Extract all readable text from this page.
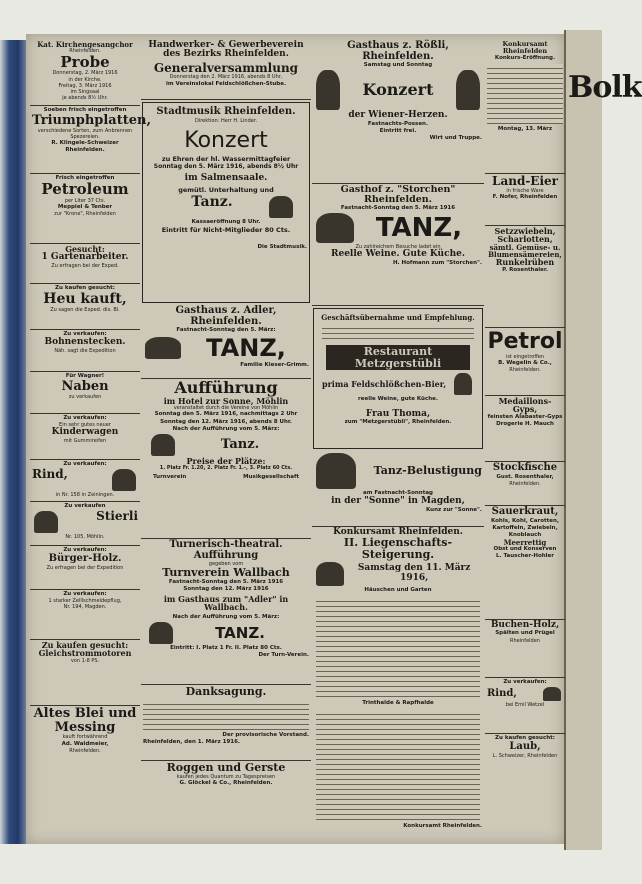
Bolk
Kat. Kirchengesangchor
Rheinfelden.
Probe
Donnerstag, 2. März 1916
in der Kirche.
Freitag, 3. März 1916
im Singsaal
je abends 8½ Uhr.
Soeben frisch eingetroffen
Triumphplatten,
verschiedene Sorten, zum Anbrennen
Spezereien.
R. Klingele-Schweizer
Rheinfelden.
Frisch eingetroffen
Petroleum
per Liter 37 Cts.
Meppiel & Tenber
zur "Krone", Rheinfelden
Gesucht:
1 Gartenarbeiter.
Zu erfragen bei der Exped.
Zu kaufen gesucht:
Heu kauft,
Zu sagen die Exped. dis. Bl.
Zu verkaufen:
Bohnenstecken.
Näh. sagt die Expedition
Für Wagner!
Naben
zu verkaufen
Zu verkaufen:
Ein sehr gutes neuer
Kinderwagen
mit Gummireifen
Zu verkaufen:
Rind,
in Nr. 158 in Zeiningen.
Zu verkaufen
Stierli
Nr. 105, Möhlin.
Zu verkaufen:
Bürger-Holz.
Zu erfragen bei der Expedition
Zu verkaufen:
1 starker Zelllschmeidepflug,
Nr. 194, Magden.
Zu kaufen gesucht:
Gleichstrommotoren
von 1-8 PS.
Altes Blei und Messing
kauft fortwährend
Ad. Waldmeier,
Rheinfelden.
Handwerker- & Gewerbeverein
des Bezirks Rheinfelden.
Generalversammlung
Donnerstag den 2. März 1916, abends 8 Uhr,
im Vereinslokal Feldschlößchen-Stube.
Stadtmusik Rheinfelden.
Direktion: Herr H. Linder.
Konzert
zu Ehren der hl. Wassermittagfeier
Sonntag den 5. März 1916, abends 8½ Uhr
im Salmensaale.
gemütl. Unterhaltung und
Tanz.
Kassaeröffnung 8 Uhr.
Eintritt für Nicht-Mitglieder 80 Cts.
Die Stadtmusik.
Gasthaus z. Adler, Rheinfelden.
Fastnacht-Sonntag den 5. März:
TANZ,
Familie Kieser-Grimm.
Aufführung
im Hotel zur Sonne, Möhlin
veranstaltet durch die Vereine von Möhlin
Sonntag den 5. März 1916, nachmittags 2 Uhr
Sonntag den 12. März 1916, abends 8 Uhr.
Nach der Aufführung vom 5. März:
Tanz.
Preise der Plätze:
1. Platz Fr. 1.20, 2. Platz Fr. 1.-, 3. Platz 60 Cts.
Turnverein	Musikgesellschaft
Turnerisch-theatral. Aufführung
gegeben vom
Turnverein Wallbach
Fastnacht-Sonntag den 5. März 1916
Sonntag den 12. März 1916
im Gasthaus zum "Adler" in Wallbach.
Nach der Aufführung vom 5. März:
TANZ.
Eintritt: I. Platz 1 Fr. II. Platz 80 Cts.
Der Turn-Verein.
Danksagung.
Der provisorische Vorstand.
Rheinfelden, den 1. März 1916.
Roggen und Gerste
kaufen jedes Quantum zu Tagespreisen
G. Glöckel & Co., Rheinfelden.
Gasthaus z. Rößli, Rheinfelden.
Samstag und Sonntag
Konzert
der Wiener-Herzen.
Fastnachts-Possen.
Eintritt frei.
Wirt und Truppe.
Gasthof z. "Storchen" Rheinfelden.
Fastnacht-Sonntag den 5. März 1916
TANZ,
Zu zahlreichem Besuche ladet ein
Reelle Weine. Gute Küche.
H. Hofmann zum "Storchen".
Geschäftsübernahme und Empfehlung.
Restaurant Metzgerstübli
prima Feldschlößchen-Bier,
reelle Weine, gute Küche.
Frau Thoma,
zum "Metzgerstübli", Rheinfelden.
Tanz-Belustigung
am Fastnacht-Sonntag
in der "Sonne" in Magden,
Kunz zur "Sonne".
Konkursamt Rheinfelden.
II. Liegenschafts-Steigerung.
Samstag den 11. März 1916,
Häuschen und Garten
Trinthalde & Rapfhalde
Konkursamt Rheinfelden.
Konkursamt Rheinfelden
Konkurs-Eröffnung.
Montag, 13. März
Land-Eier
in frische Ware
F. Nofer, Rheinfelden
Setzzwiebeln, Scharlotten,
sämtl. Gemüse- u. Blumensämereien,
Runkelrüben
P. Rosenthaler.
Petrol
ist eingetroffen
B. Wegelin & Co.,
Rheinfelden.
Medaillons-Gyps,
feinsten Alabaster-Gyps
Drogerie H. Mauch
Stockfische
Gust. Rosenthaler,
Rheinfelden.
Sauerkraut,
Kohls, Kohl, Carotten, Kartoffeln, Zwiebeln, Knoblauch
Meerrettig
Obst und Konserven
L. Tauscher-Hohler
Buchen-Holz,
Spälten und Prügel
Rheinfelden
Zu verkaufen:
Rind,
bei Emil Wetzel
Zu kaufen gesucht:
Laub,
L. Schweizer, Rheinfelden
